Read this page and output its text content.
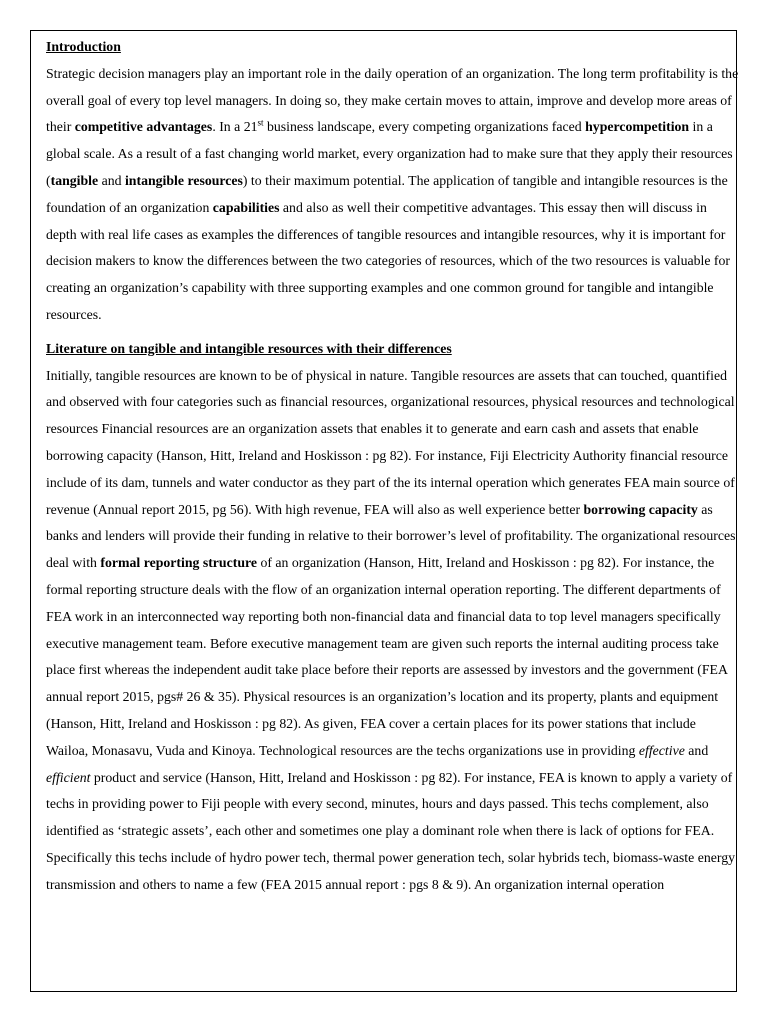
Introduction

Strategic decision managers play an important role in the daily operation of an organization. The long term profitability is the overall goal of every top level managers. In doing so, they make certain moves to attain, improve and develop more areas of their competitive advantages. In a 21st business landscape, every competing organizations faced hypercompetition in a global scale. As a result of a fast changing world market, every organization had to make sure that they apply their resources (tangible and intangible resources) to their maximum potential. The application of tangible and intangible resources is the foundation of an organization capabilities and also as well their competitive advantages. This essay then will discuss in depth with real life cases as examples the differences of tangible resources and intangible resources, why it is important for decision makers to know the differences between the two categories of resources, which of the two resources is valuable for creating an organization’s capability with three supporting examples and one common ground for tangible and intangible resources.

Literature on tangible and intangible resources with their differences

Initially, tangible resources are known to be of physical in nature. Tangible resources are assets that can touched, quantified and observed with four categories such as financial resources, organizational resources, physical resources and technological resources Financial resources are an organization assets that enables it to generate and earn cash and assets that enable borrowing capacity (Hanson, Hitt, Ireland and Hoskisson : pg 82). For instance, Fiji Electricity Authority financial resource include of its dam, tunnels and water conductor as they part of the its internal operation which generates FEA main source of revenue (Annual report 2015, pg 56). With high revenue, FEA will also as well experience better borrowing capacity as banks and lenders will provide their funding in relative to their borrower’s level of profitability. The organizational resources deal with formal reporting structure of an organization (Hanson, Hitt, Ireland and Hoskisson : pg 82). For instance, the formal reporting structure deals with the flow of an organization internal operation reporting. The different departments of FEA work in an interconnected way reporting both non-financial data and financial data to top level managers specifically executive management team. Before executive management team are given such reports the internal auditing process take place first whereas the independent audit take place before their reports are assessed by investors and the government (FEA annual report 2015, pgs# 26 & 35). Physical resources is an organization’s location and its property, plants and equipment (Hanson, Hitt, Ireland and Hoskisson : pg 82). As given, FEA cover a certain places for its power stations that include Wailoa, Monasavu, Vuda and Kinoya. Technological resources are the techs organizations use in providing effective and efficient product and service (Hanson, Hitt, Ireland and Hoskisson : pg 82). For instance, FEA is known to apply a variety of techs in providing power to Fiji people with every second, minutes, hours and days passed. This techs complement, also identified as ‘strategic assets’, each other and sometimes one play a dominant role when there is lack of options for FEA. Specifically this techs include of hydro power tech, thermal power generation tech, solar hybrids tech, biomass-waste energy transmission and others to name a few (FEA 2015 annual report : pgs 8 & 9). An organization internal operation
